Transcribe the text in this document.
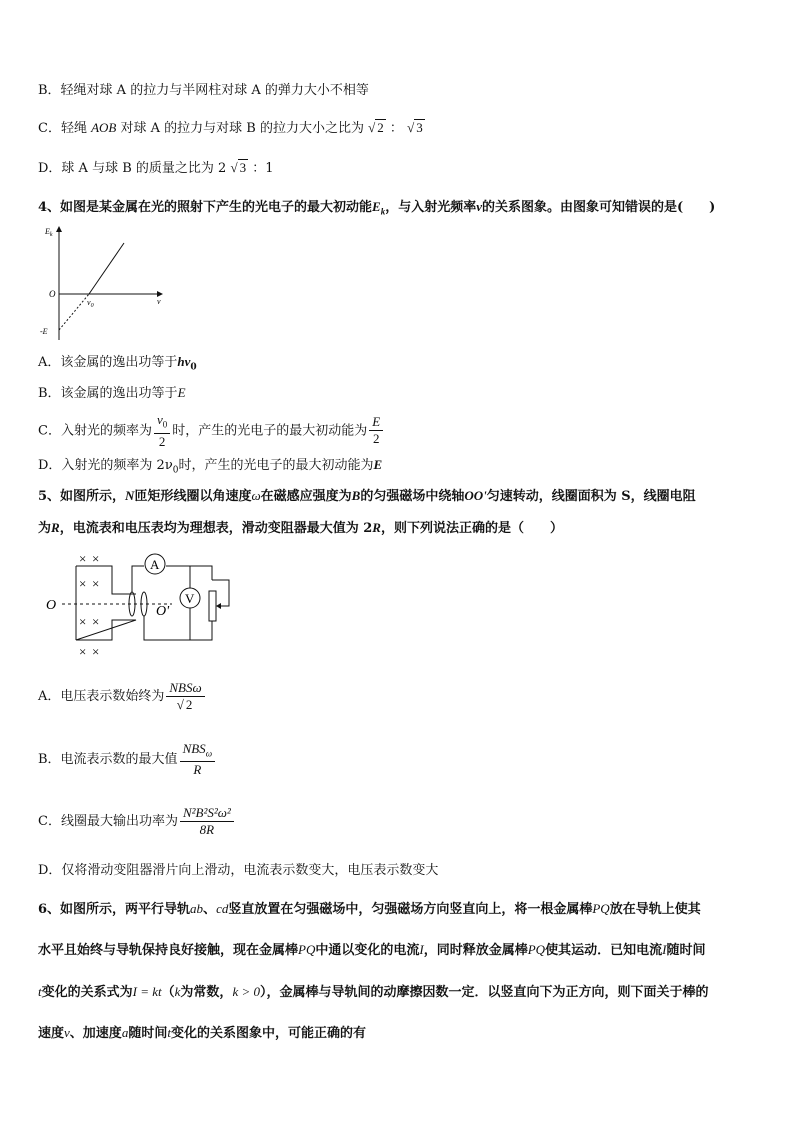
B．轻绳对球 A 的拉力与半网柱对球 A 的弹力大小不相等
C．轻绳 AOB 对球 A 的拉力与对球 B 的拉力大小之比为 √ 2 ： √ 3
D．球 A 与球 B 的质量之比为 2 √ 3 ：1
4、如图是某金属在光的照射下产生的光电子的最大初动能$E_k$，与入射光频率ν的关系图象。由图象可知错误的是(　　)
$E_k$
O
ν
$\nu_0$
-E
A．该金属的逸出功等于$h\nu_0$
B．该金属的逸出功等于E
C．入射光的频率为 $\frac{\nu_0}{2}$ 时，产生的光电子的最大初动能为 $\frac{E}{2}$
D．入射光的频率为 $2\nu_0$时，产生的光电子的最大初动能为E
5、如图所示，N匝矩形线圈以角速度ω在磁感应强度为B的匀强磁场中绕轴OO'匀速转动，线圈面积为 S，线圈电阻
为R，电流表和电压表均为理想表，滑动变阻器最大值为 2R，则下列说法正确的是（　　）
× ×
× ×
× ×
× ×
O	O'
A
V
A．电压表示数始终为 $\frac{\text{NBSω}}{√ 2}$
B．电流表示数的最大值 $\frac{NBS_\omega}{R}$
C．线圈最大输出功率为 $\frac{\text{N²B²S²ω²}}{8R}$
D．仅将滑动变阻器滑片向上滑动，电流表示数变大，电压表示数变大
6、如图所示，两平行导轨ab、cd竖直放置在匀强磁场中，匀强磁场方向竖直向上，将一根金属棒PQ放在导轨上使其
水平且始终与导轨保持良好接触，现在金属棒PQ中通以变化的电流I，同时释放金属棒PQ使其运动．已知电流I随时间
t变化的关系式为I = kt（k为常数，k > 0），金属棒与导轨间的动摩擦因数一定．以竖直向下为正方向，则下面关于棒的
速度v、加速度a随时间t变化的关系图象中，可能正确的有
